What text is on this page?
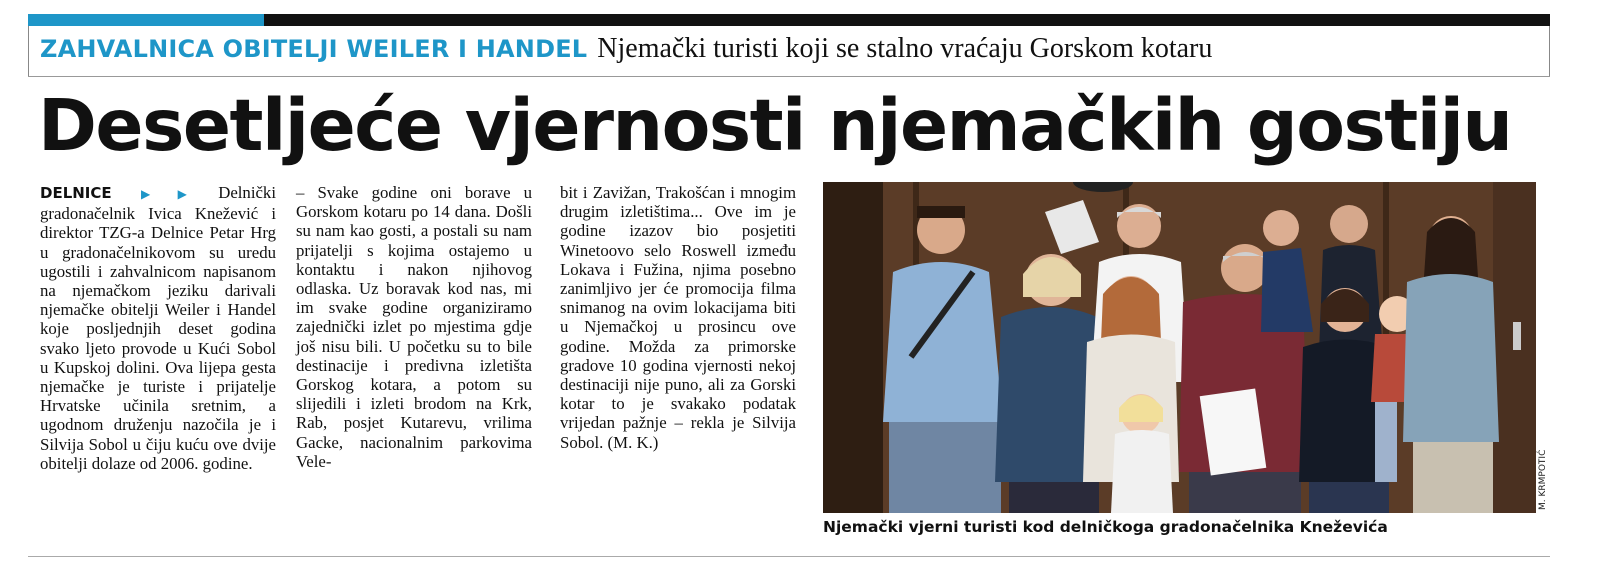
ZAHVALNICA OBITELJI WEILER I HANDEL Njemački turisti koji se stalno vraćaju Gorskom kotaru
Desetljeće vjernosti njemačkih gostiju
DELNICE ▶▶ Delnički gradonačelnik Ivica Knežević i direktor TZG-a Delnice Petar Hrg u gradonačelnikovom su uredu ugostili i zahvalnicom napisanom na njemačkom jeziku darivali njemačke obitelji Weiler i Handel koje posljednjih deset godina svako ljeto provode u Kući Sobol u Kupskoj dolini. Ova lijepa gesta njemačke je turiste i prijatelje Hrvatske učinila sretnim, a ugodnom druženju nazočila je i Silvija Sobol u čiju kuću ove dvije obitelji dolaze od 2006. godine.
– Svake godine oni borave u Gorskom kotaru po 14 dana. Došli su nam kao gosti, a postali su nam prijatelji s kojima ostajemo u kontaktu i nakon njihovog odlaska. Uz boravak kod nas, mi im svake godine organiziramo zajednički izlet po mjestima gdje još nisu bili. U početku su to bile destinacije i predivna izletišta Gorskog kotara, a potom su slijedili i izleti brodom na Krk, Rab, posjet Kutarevu, vrilima Gacke, nacionalnim parkovima Vele-
bit i Zavižan, Trakošćan i mnogim drugim izletištima... Ove im je godine izazov bio posjetiti Winetoovo selo Roswell između Lokava i Fužina, njima posebno zanimljivo jer će promocija filma snimanog na ovim lokacijama biti u Njemačkoj u prosincu ove godine. Možda za primorske gradove 10 godina vjernosti nekoj destinaciji nije puno, ali za Gorski kotar to je svakako podatak vrijedan pažnje – rekla je Silvija Sobol. (M. K.)
M. KRMPOTIĆ
Njemački vjerni turisti kod delničkoga gradonačelnika Kneževića
